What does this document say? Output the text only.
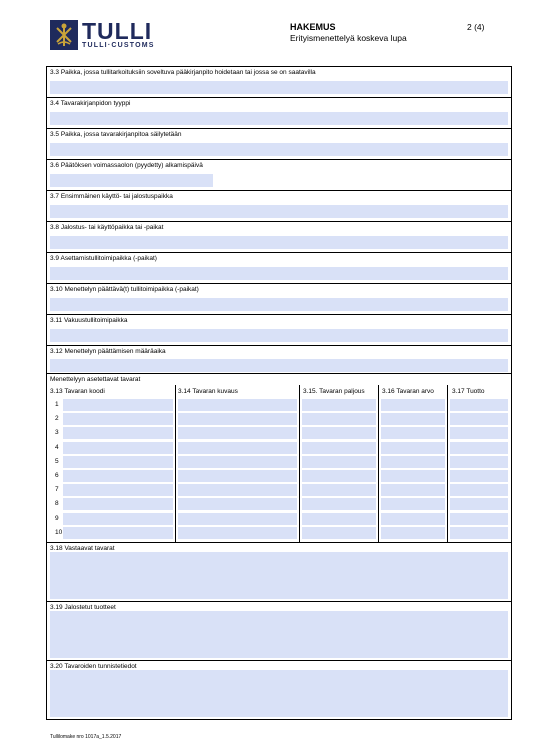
TULLI
TULLI·CUSTOMS
HAKEMUS
Erityismenettelyä koskeva lupa
2 (4)
3.3 Paikka, jossa tullitarkoituksiin soveltuva pääkirjanpito hoidetaan tai jossa se on saatavilla
3.4 Tavarakirjanpidon tyyppi
3.5 Paikka, jossa tavarakirjanpitoa säilytetään
3.6 Päätöksen voimassaolon (pyydetty) alkamispäivä
3.7 Ensimmäinen käyttö- tai jalostuspaikka
3.8 Jalostus- tai käyttöpaikka tai -paikat
3.9 Asettamistullitoimipaikka (-paikat)
3.10 Menettelyn päättävä(t) tullitoimipaikka (-paikat)
3.11 Vakuustullitoimipaikka
3.12 Menettelyn päättämisen määräaika
Menettelyyn asetettavat tavarat
3.13 Tavaran koodi	3.14 Tavaran kuvaus	3.15. Tavaran paljous	3.16 Tavaran arvo	3.17 Tuotto
1
2
3
4
5
6
7
8
9
10
3.18 Vastaavat tavarat
3.19 Jalostetut tuotteet
3.20 Tavaroiden tunnistetiedot
Tullilomake nro 1017a_1.5.2017
